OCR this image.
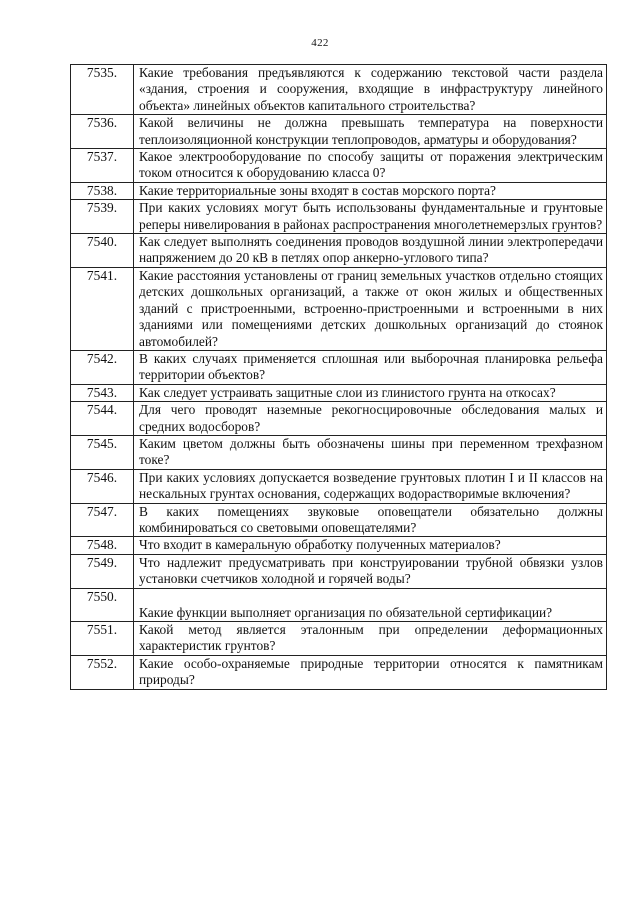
422
7535.	Какие требования предъявляются к содержанию текстовой части раздела «здания, строения и сооружения, входящие в инфраструктуру линейного объекта» линейных объектов капитального строительства?
7536.	Какой величины не должна превышать температура на поверхности теплоизоляционной конструкции теплопроводов, арматуры и оборудования?
7537.	Какое электрооборудование по способу защиты от поражения электрическим током относится к оборудованию класса 0?
7538.	Какие территориальные зоны входят в состав морского порта?
7539.	При каких условиях могут быть использованы фундаментальные и грунтовые реперы нивелирования в районах распространения многолетнемерзлых грунтов?
7540.	Как следует выполнять соединения проводов воздушной линии электропередачи напряжением до 20 кВ в петлях опор анкерно-углового типа?
7541.	Какие расстояния установлены от границ земельных участков отдельно стоящих детских дошкольных организаций, а также от окон жилых и общественных зданий с пристроенными, встроенно-пристроенными и встроенными в них зданиями или помещениями детских дошкольных организаций до стоянок автомобилей?
7542.	В каких случаях применяется сплошная или выборочная планировка рельефа территории объектов?
7543.	Как следует устраивать защитные слои из глинистого грунта на откосах?
7544.	Для чего проводят наземные рекогносцировочные обследования малых и средних водосборов?
7545.	Каким цветом должны быть обозначены шины при переменном трехфазном токе?
7546.	При каких условиях допускается возведение грунтовых плотин I и II классов на нескальных грунтах основания, содержащих водорастворимые включения?
7547.	В каких помещениях звуковые оповещатели обязательно должны комбинироваться со световыми оповещателями?
7548.	Что входит в камеральную обработку полученных материалов?
7549.	Что надлежит предусматривать при конструировании трубной обвязки узлов установки счетчиков холодной и горячей воды?
7550.	Какие функции выполняет организация по обязательной сертификации?
7551.	Какой метод является эталонным при определении деформационных характеристик грунтов?
7552.	Какие особо-охраняемые природные территории относятся к памятникам природы?
